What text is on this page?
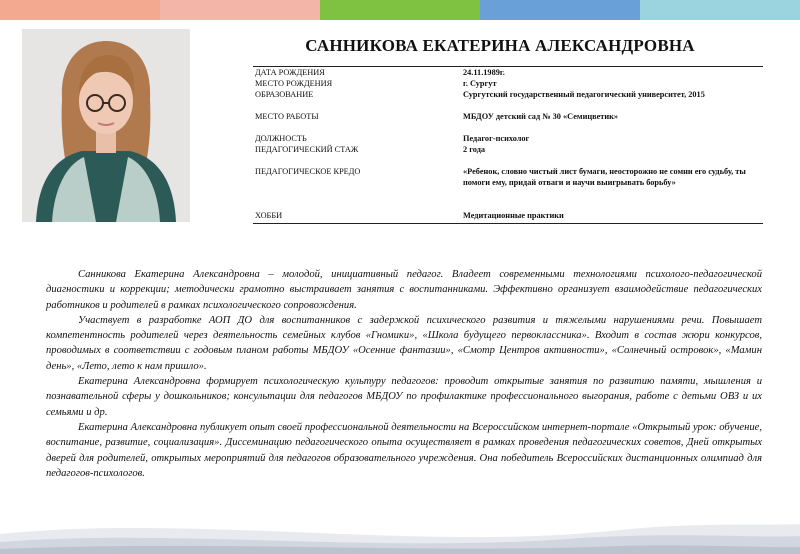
САННИКОВА ЕКАТЕРИНА АЛЕКСАНДРОВНА
ДАТА РОЖДЕНИЯ	24.11.1989г.
МЕСТО РОЖДЕНИЯ	г. Сургут
ОБРАЗОВАНИЕ	Сургутский государственный педагогический университет, 2015
МЕСТО РАБОТЫ	МБДОУ детский сад № 30 «Семицветик»
ДОЛЖНОСТЬ	Педагог-психолог
ПЕДАГОГИЧЕСКИЙ СТАЖ	2 года
ПЕДАГОГИЧЕСКОЕ КРЕДО	«Ребенок, словно чистый лист бумаги, неосторожно не сомни его судьбу, ты помоги ему, придай отваги и научи выигрывать борьбу»
ХОББИ	Медитационные практики

Санникова Екатерина Александровна – молодой, инициативный педагог. Владеет современными технологиями психолого-педагогической диагностики и коррекции; методически грамотно выстраивает занятия с воспитанниками. Эффективно организует взаимодействие педагогических работников и родителей в рамках психологического сопровождения.

Участвует в разработке АОП ДО для воспитанников с задержкой психического развития и тяжелыми нарушениями речи. Повышает компетентность родителей через деятельность семейных клубов «Гномики», «Школа будущего первоклассника». Входит в состав жюри конкурсов, проводимых в соответствии с годовым планом работы МБДОУ «Осенние фантазии», «Смотр Центров активности», «Солнечный островок», «Мамин день», «Лето, лето к нам пришло».

Екатерина Александровна формирует психологическую культуру педагогов: проводит открытые занятия по развитию памяти, мышления и познавательной сферы у дошкольников; консультации для педагогов МБДОУ по профилактике профессионального выгорания, работе с детьми ОВЗ и их семьями и др.

Екатерина Александровна публикует опыт своей профессиональной деятельности на Всероссийском интернет-портале «Открытый урок: обучение, воспитание, развитие, социализация». Диссеминацию педагогического опыта осуществляет в рамках проведения педагогических советов, Дней открытых дверей для родителей, открытых мероприятий для педагогов образовательного учреждения. Она победитель Всероссийских дистанционных олимпиад для педагогов-психологов.
